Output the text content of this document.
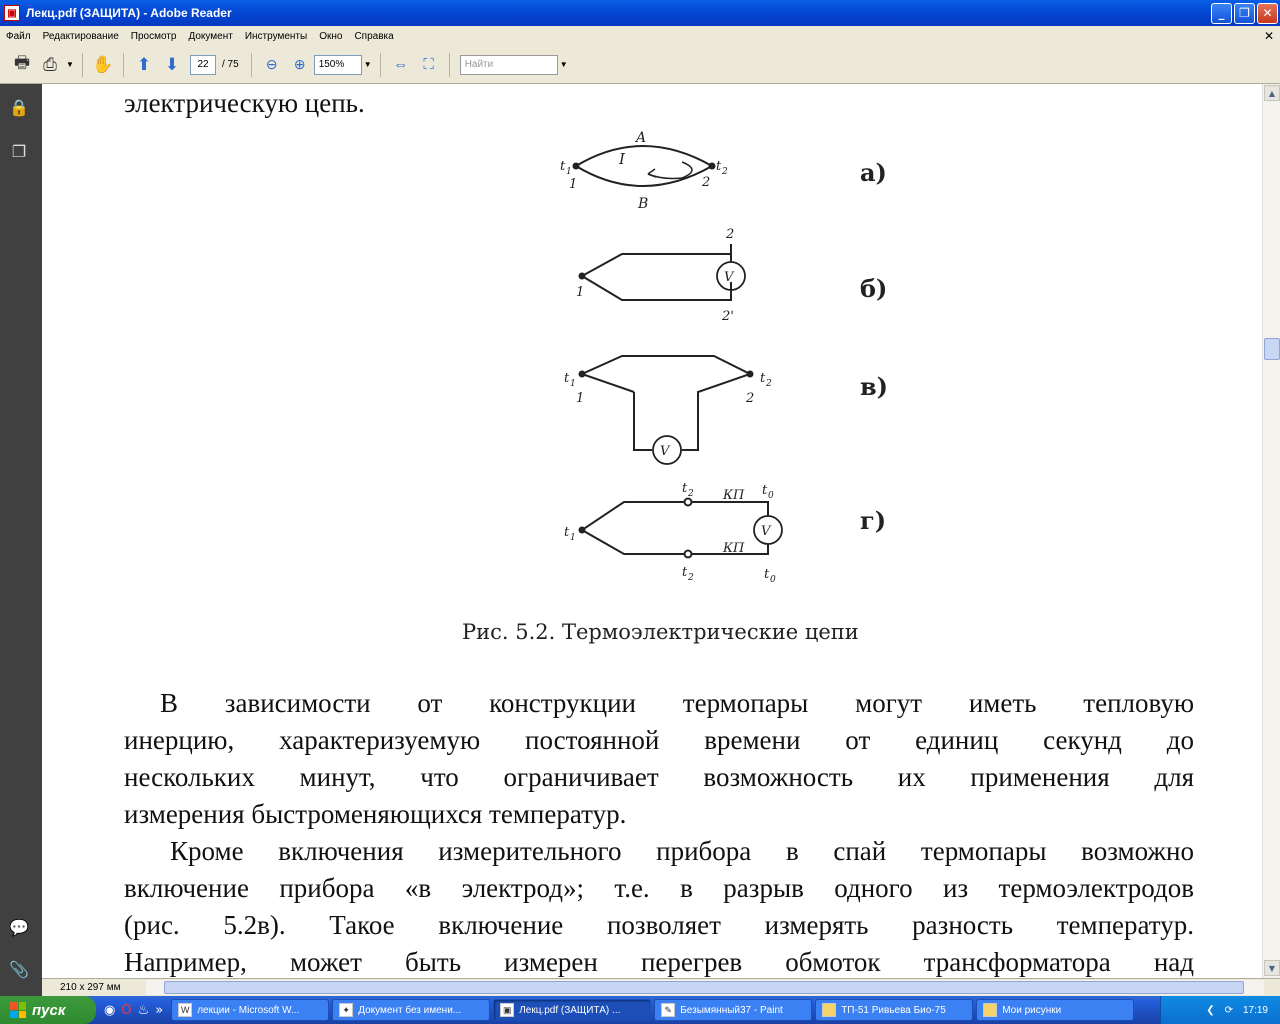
▣ Лекц.pdf (ЗАЩИТА) - Adobe Reader	_	❐	✕
Файл	Редактирование	Просмотр	Документ	Инструменты	Окно	Справка	✕
🖶 ⎙	▼ ✋	⬆ ⬇	22	/ 75	⊖	⊕	150%	▼	⇔	⛶	Найти	▼
🔒
❐
💬
📎
электрическую цепь.
A
B
I
t 1	t 2
1	2
V
2
2'
1
V
t 1	t 2
1	2
V
t 1
t 2
t 2
t 0
t 0
КП
КП
а)
б)
в)
г)
Рис. 5.2. Термоэлектрические цепи
В зависимости от конструкции термопары могут иметь тепловую
инерцию, характеризуемую постоянной времени от единиц секунд до
нескольких минут, что ограничивает возможность их применения для
измерения быстроменяющихся температур.
Кроме включения измерительного прибора в спай термопары возможно
включение прибора «в электрод»; т.е. в разрыв одного из термоэлектродов
(рис. 5.2в). Такое включение позволяет измерять разность температур.
Например, может быть измерен перегрев обмоток трансформатора над
▲
▼
210 x 297 мм
пуск	◉ O ♨ »	W лекции - Microsoft W...	✦ Документ без имени...	▣ Лекц.pdf (ЗАЩИТА) ...	✎ Безымянный37 - Paint	ТП-51 Ривьева Био-75	Мои рисунки	❮ ⟳ 17:19
